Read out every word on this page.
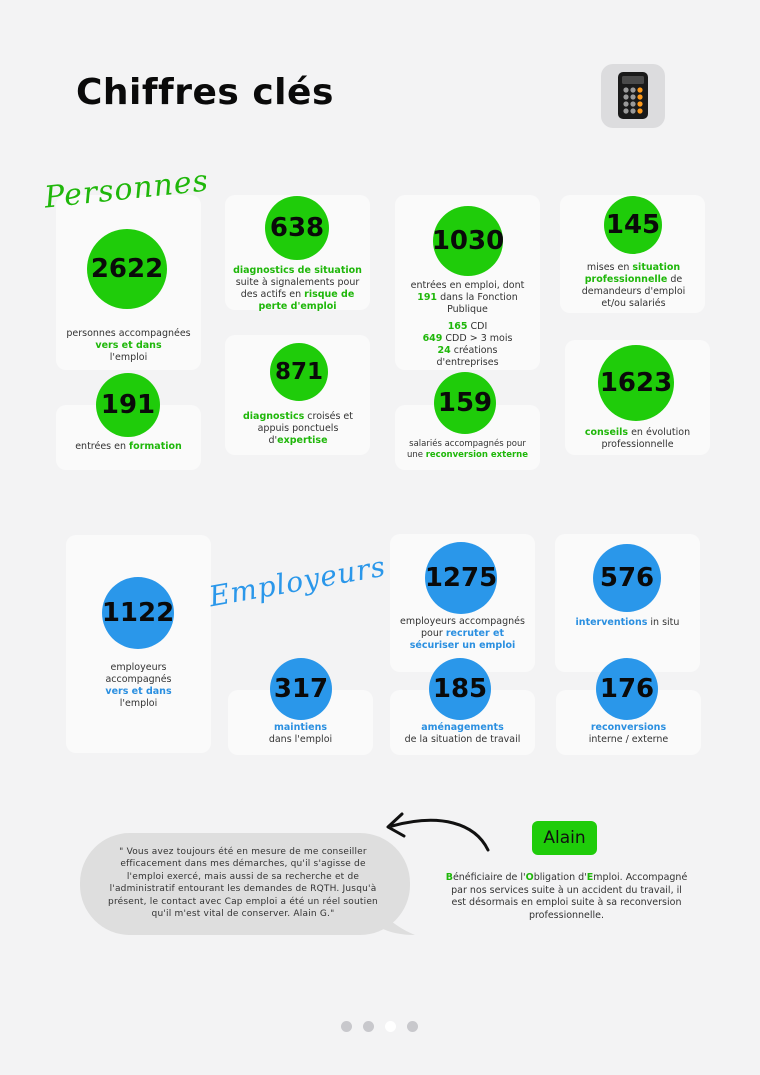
Chiffres clés
Personnes
2622
personnes accompagnées
vers et dans
l'emploi
191
entrées en formation
638
diagnostics de situation suite à signalements pour des actifs en risque de perte d'emploi
871
diagnostics croisés et appuis ponctuels d'expertise
1030
entrées en emploi, dont 191 dans la Fonction Publique
165 CDI
649 CDD > 3 mois
24 créations d'entreprises
159
salariés accompagnés pour une reconversion externe
145
mises en situation professionnelle de demandeurs d'emploi et/ou salariés
1623
conseils en évolution professionnelle
Employeurs
1122
employeurs accompagnés
vers et dans
l'emploi
1275
employeurs accompagnés pour recruter et sécuriser un emploi
576
interventions in situ
317
maintiens
dans l'emploi
185
aménagements
de la situation de travail
176
reconversions
interne / externe
" Vous avez toujours été en mesure de me conseiller efficacement dans mes démarches, qu'il s'agisse de l'emploi exercé, mais aussi de sa recherche et de l'administratif entourant les demandes de RQTH. Jusqu'à présent, le contact avec Cap emploi a été un réel soutien qu'il m'est vital de conserver. Alain G."
Alain
Bénéficiaire de l'Obligation d'Emploi. Accompagné par nos services suite à un accident du travail, il est désormais en emploi suite à sa reconversion professionnelle.
